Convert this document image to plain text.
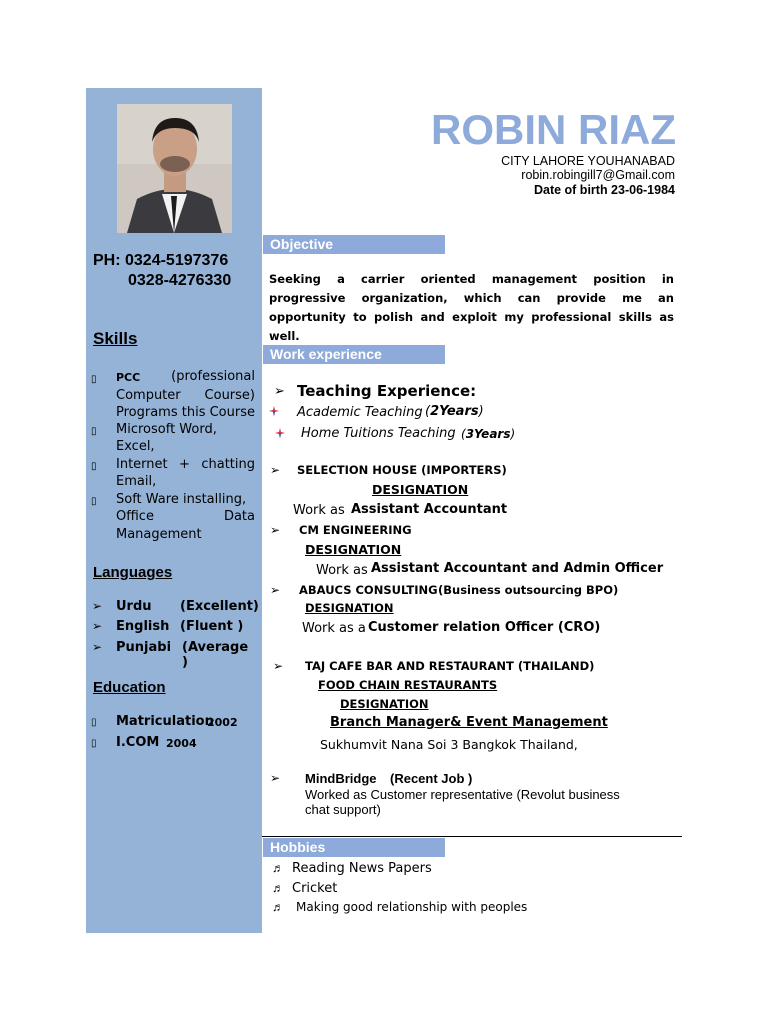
ROBIN RIAZ
CITY LAHORE YOUHANABAD
robin.robingill7@Gmail.com
Date of birth 23-06-1984
PH: 0324-5197376
0328-4276330
Skills
▯ PCC (professional
Computer Course)
Programs this Course
▯ Microsoft Word,
Excel,
▯ Internet + chatting
Email,
▯ Soft Ware installing,
Office Data
Management
Languages
➢ Urdu (Excellent)
➢ English (Fluent )
➢ Punjabi (Average )
Education
▯ Matriculation
2002
▯ I.COM 2004
Objective
Seeking a carrier oriented management position in progressive organization, which can provide me an opportunity to polish and exploit my professional skills as well.
Work experience
➢ Teaching Experience:
Academic Teaching (2Years)
Home Tuitions Teaching (3Years)
➢ SELECTION HOUSE (IMPORTERS)
DESIGNATION
Work as Assistant Accountant
➢ CM ENGINEERING
DESIGNATION
Work as Assistant Accountant and Admin Officer
➢ ABAUCS CONSULTING (Business outsourcing BPO)
DESIGNATION
Work as a Customer relation Officer (CRO)
➢ TAJ CAFE BAR AND RESTAURANT (THAILAND)
FOOD CHAIN RESTAURANTS
DESIGNATION
Branch Manager& Event Management
Sukhumvit Nana Soi 3 Bangkok Thailand,
➢ MindBridge (Recent Job )
Worked as Customer representative (Revolut business
chat support)
Hobbies
♬ Reading News Papers
♬ Cricket
♬ Making good relationship with peoples
